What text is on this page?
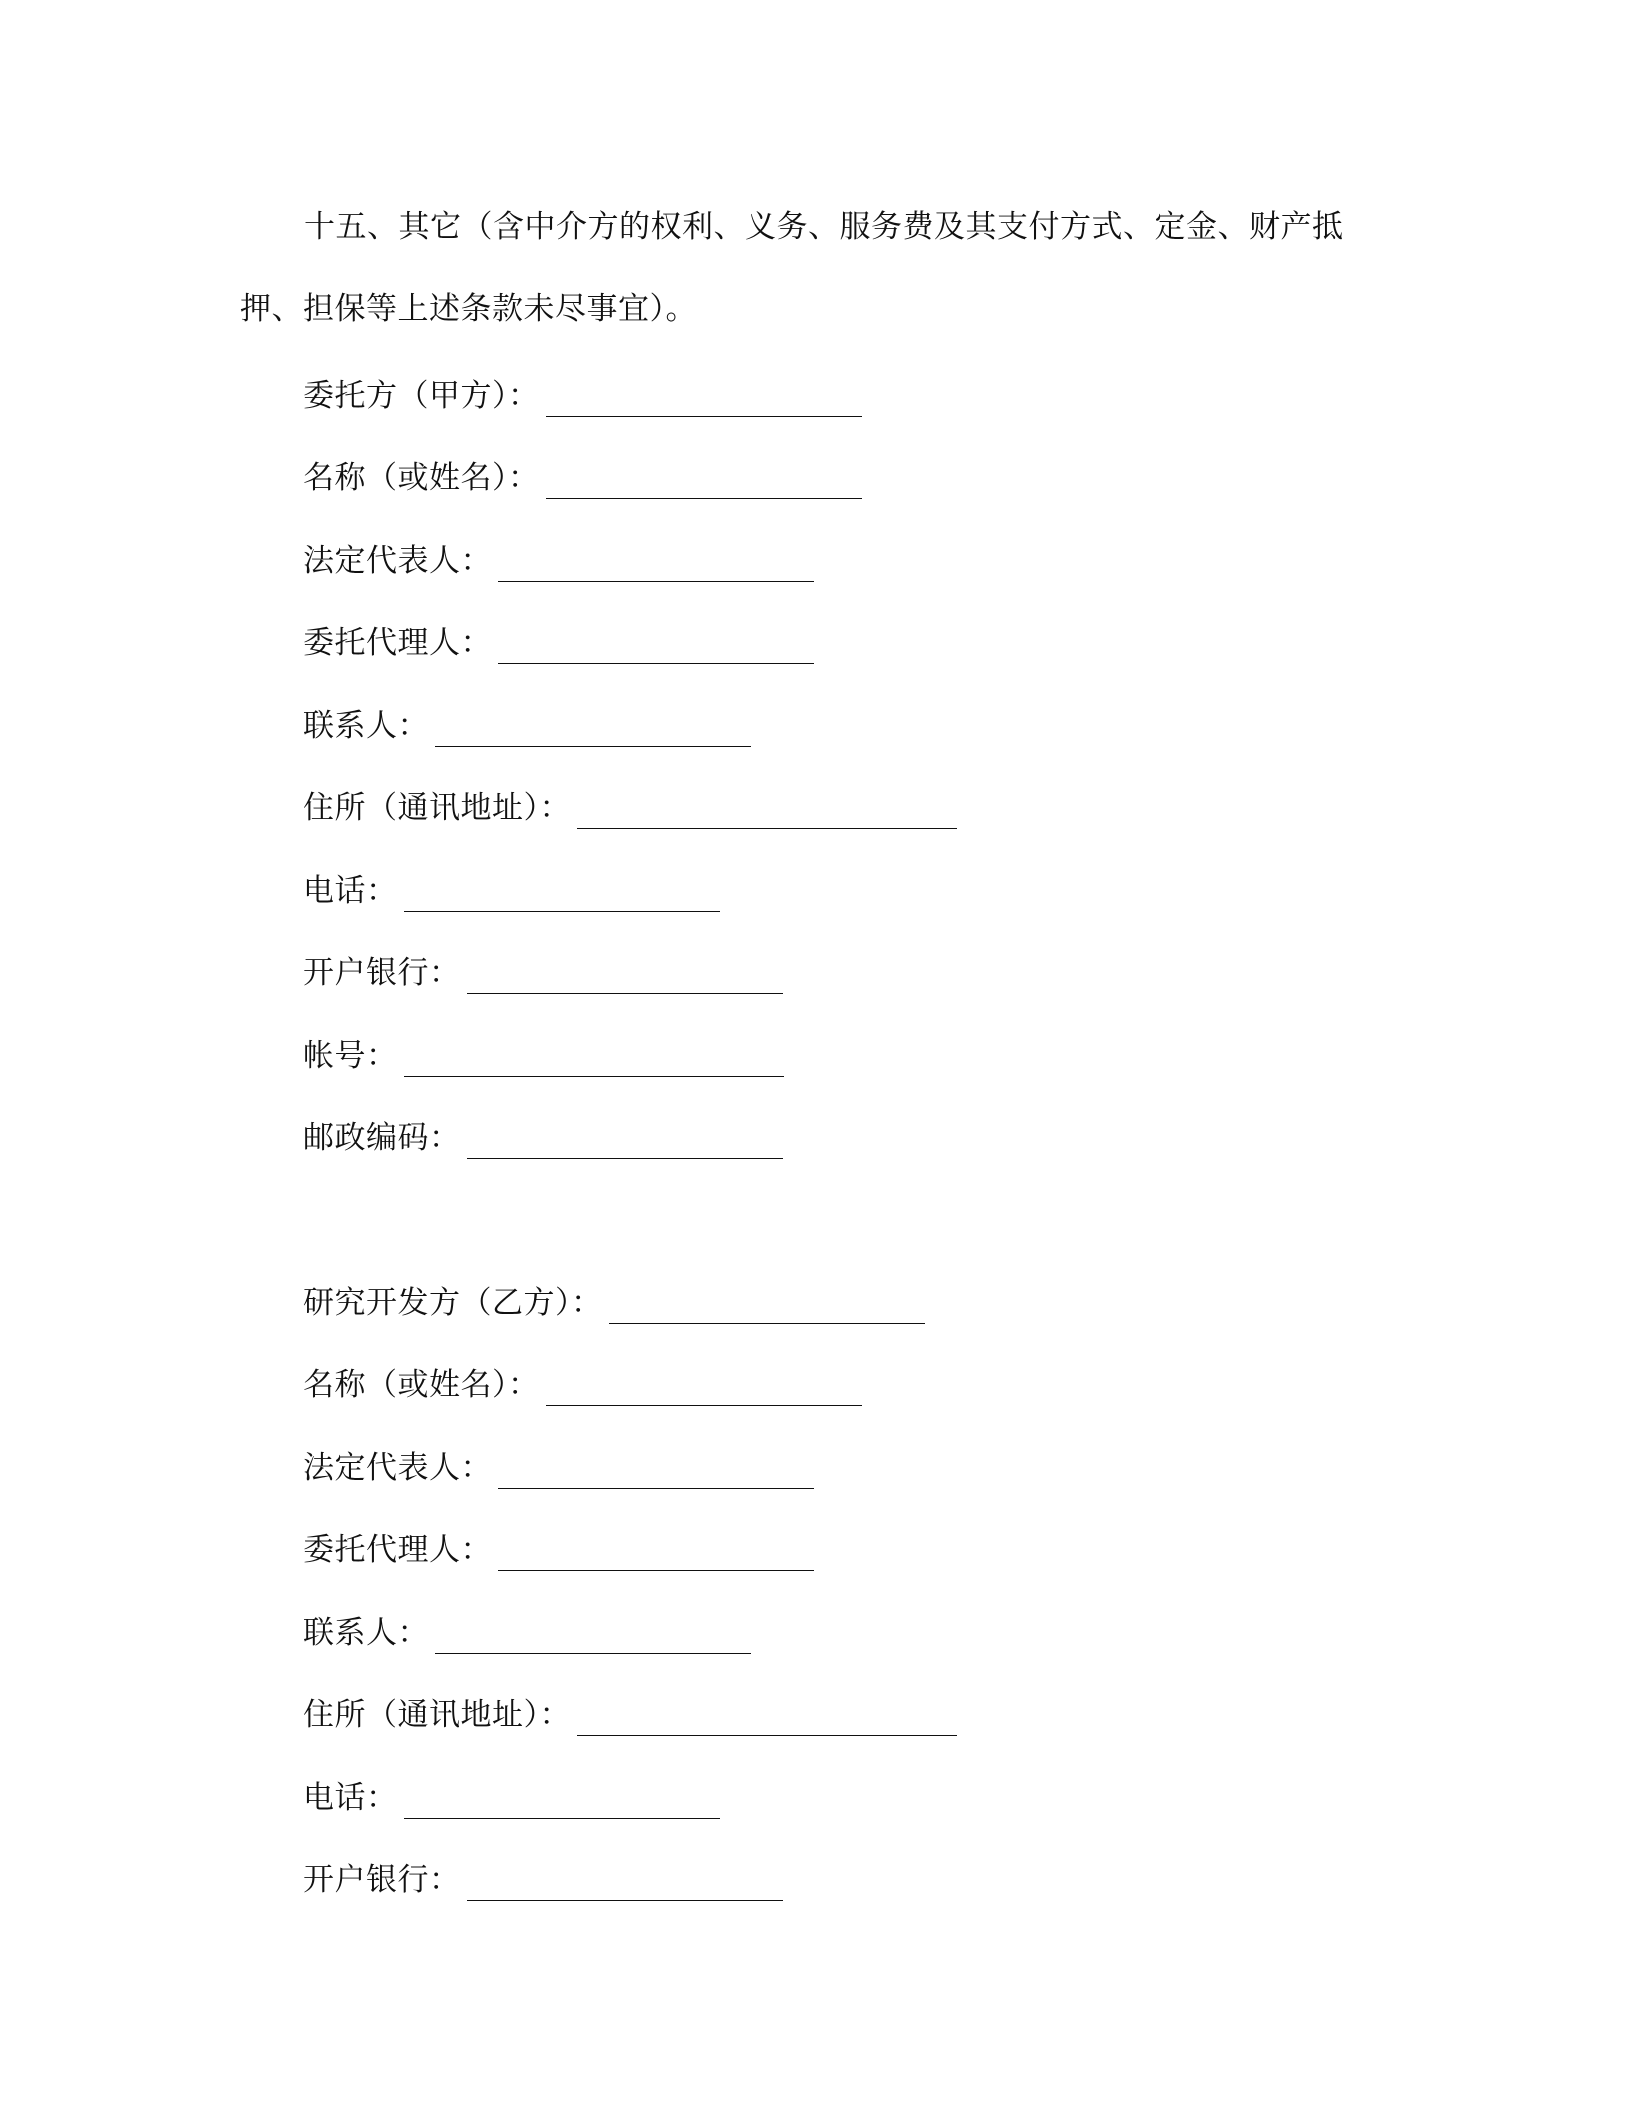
十五、其它（含中介方的权利、义务、服务费及其支付方式、定金、财产抵押、担保等上述条款未尽事宜）。

委托方（甲方）：
名称（或姓名）：
法定代表人：
委托代理人：
联系人：
住所（通讯地址）：
电话：
开户银行：
帐号：
邮政编码：
研究开发方（乙方）：
名称（或姓名）：
法定代表人：
委托代理人：
联系人：
住所（通讯地址）：
电话：
开户银行：
